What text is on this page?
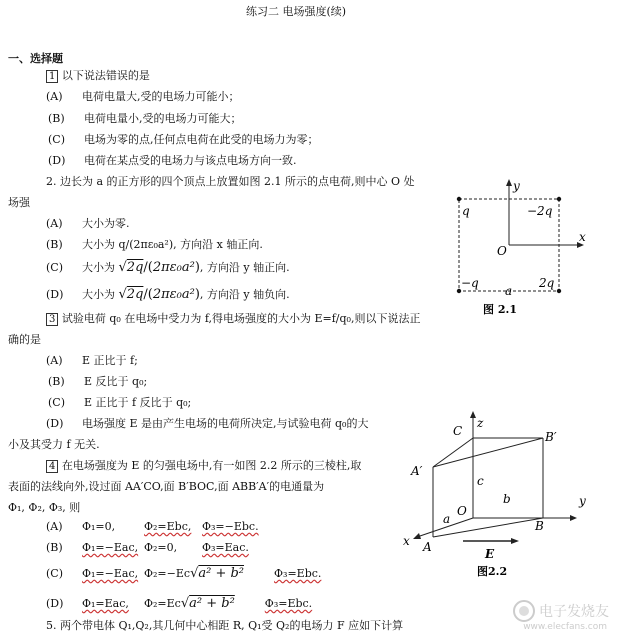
练习二 电场强度(续)
一、选择题
1 以下说法错误的是
(A) 电荷电量大,受的电场力可能小；
(B) 电荷电量小,受的电场力可能大；
(C) 电场为零的点,任何点电荷在此受的电场力为零；
(D) 电荷在某点受的电场力与该点电场方向一致.
2. 边长为 a 的正方形的四个顶点上放置如图 2.1 所示的点电荷,则中心 O 处
场强
(A) 大小为零.
(B) 大小为 q/(2πε₀a²), 方向沿 x 轴正向.
(C) 大小为 √2q/(2πε₀a²), 方向沿 y 轴正向.
(D) 大小为 √2q/(2πε₀a²), 方向沿 y 轴负向.
q	−2q
−q	2q
O
x
y
a
图 2.1
3 试验电荷 q₀ 在电场中受力为 f,得电场强度的大小为 E=f/q₀,则以下说法正
确的是
(A) E 正比于 f;
(B) E 反比于 q₀;
(C) E 正比于 f 反比于 q₀;
(D) 电场强度 E 是由产生电场的电荷所决定,与试验电荷 q₀的大
小及其受力 f 无关.
4 在电场强度为 E 的匀强电场中,有一如图 2.2 所示的三棱柱,取
表面的法线向外,设过面 AA′CO,面 B′BOC,面 ABB′A′的电通量为
Φ₁, Φ₂, Φ₃, 则
(A) Φ₁=0,	Φ₂=Ebc, Φ₃=−Ebc.
(B) Φ₁=−Eac, Φ₂=0, Φ₃=Eac.
(C) Φ₁=−Eac, Φ₂=−Ec√a² + b²	Φ₃=Ebc.
(D) Φ₁=Eac, Φ₂=Ec√a² + b²	Φ₃=Ebc.
5. 两个带电体 Q₁,Q₂,其几何中心相距 R, Q₁受 Q₂的电场力 F 应如下计算
z
C	B′
A′
c
O
b	y
a
x A
B
E
图2.2
电子发烧友
www.elecfans.com
